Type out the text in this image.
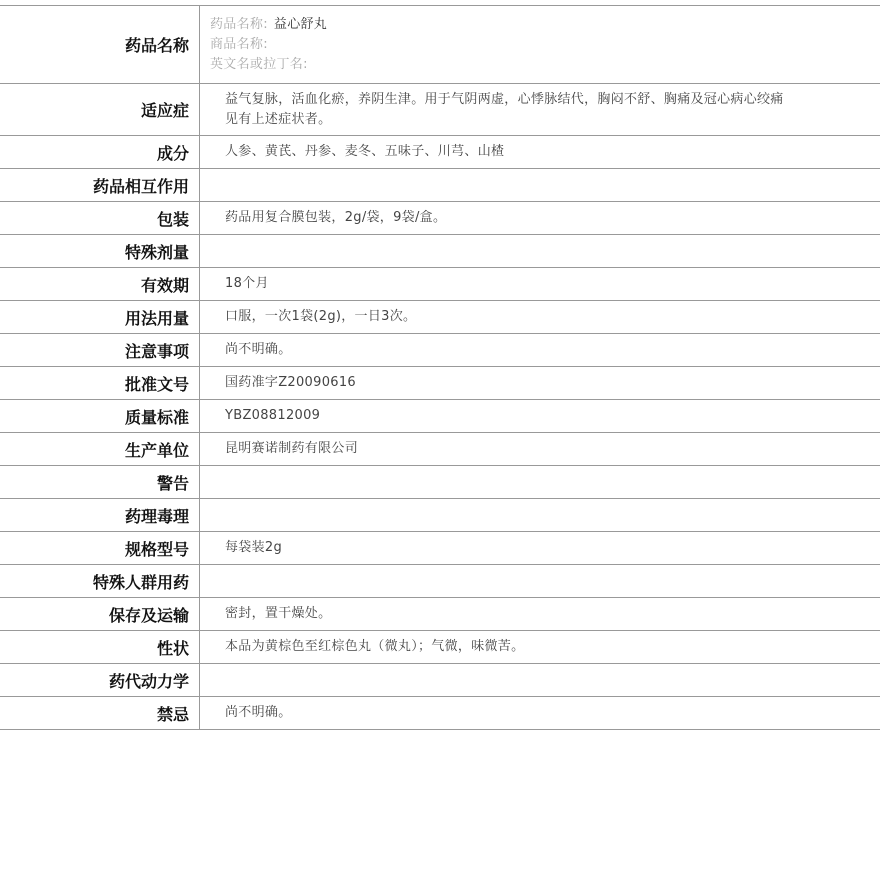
药品名称	药品名称: 益心舒丸
商品名称:
英文名或拉丁名:

适应症	益气复脉，活血化瘀，养阴生津。用于气阴两虚，心悸脉结代，胸闷不舒、胸痛及冠心病心绞痛见有上述症状者。

成分	人参、黄芪、丹参、麦冬、五味子、川芎、山楂
药品相互作用	
包装	药品用复合膜包装，2g/袋，9袋/盒。
特殊剂量	
有效期	18个月
用法用量	口服，一次1袋(2g)，一日3次。
注意事项	尚不明确。
批准文号	国药准字Z20090616
质量标准	YBZ08812009
生产单位	昆明赛诺制药有限公司
警告	
药理毒理	
规格型号	每袋装2g
特殊人群用药	
保存及运输	密封，置干燥处。
性状	本品为黄棕色至红棕色丸（微丸）；气微，味微苦。
药代动力学	
禁忌	尚不明确。
